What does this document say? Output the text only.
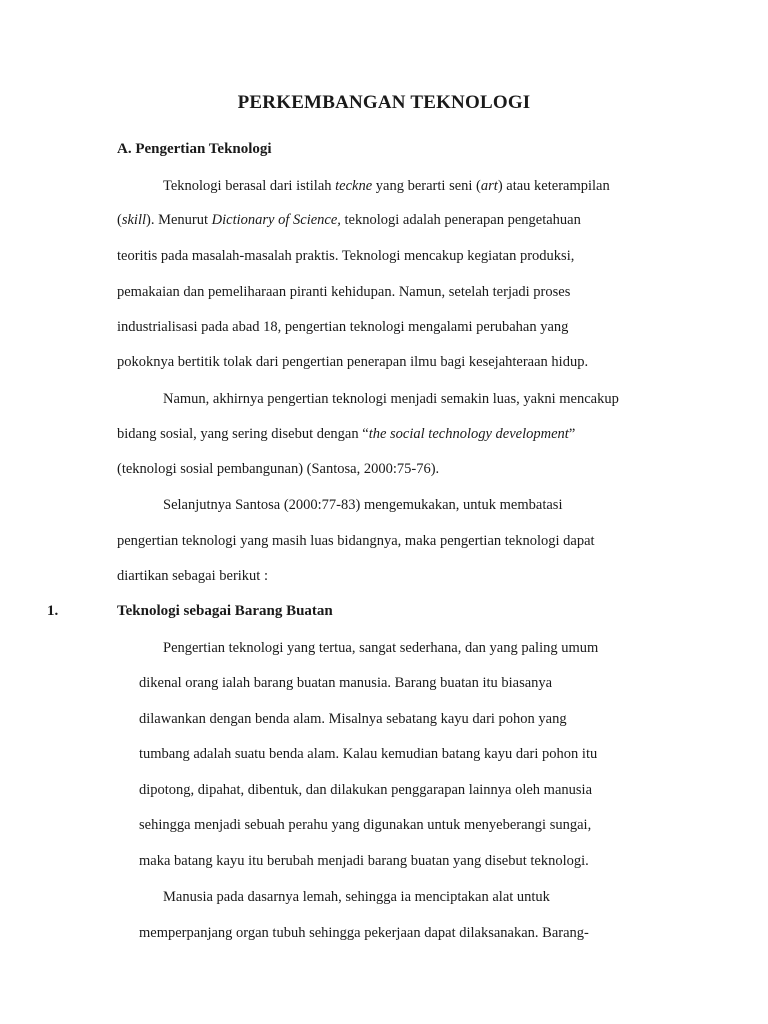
PERKEMBANGAN TEKNOLOGI
A. Pengertian Teknologi
Teknologi berasal dari istilah teckne yang berarti seni (art) atau keterampilan
(skill). Menurut Dictionary of Science, teknologi adalah penerapan pengetahuan
teoritis pada masalah-masalah praktis. Teknologi mencakup kegiatan produksi,
pemakaian dan pemeliharaan piranti kehidupan. Namun, setelah terjadi proses
industrialisasi pada abad 18, pengertian teknologi mengalami perubahan yang
pokoknya bertitik tolak dari pengertian penerapan ilmu bagi kesejahteraan hidup.
Namun, akhirnya pengertian teknologi menjadi semakin luas, yakni mencakup
bidang sosial, yang sering disebut dengan “the social technology development”
(teknologi sosial pembangunan) (Santosa, 2000:75-76).
Selanjutnya Santosa (2000:77-83) mengemukakan, untuk membatasi
pengertian teknologi yang masih luas bidangnya, maka pengertian teknologi dapat
diartikan sebagai berikut :
1.	Teknologi sebagai Barang Buatan
Pengertian teknologi yang tertua, sangat sederhana, dan yang paling umum
dikenal orang ialah barang buatan manusia. Barang buatan itu biasanya
dilawankan dengan benda alam. Misalnya sebatang kayu dari pohon yang
tumbang adalah suatu benda alam. Kalau kemudian batang kayu dari pohon itu
dipotong, dipahat, dibentuk, dan dilakukan penggarapan lainnya oleh manusia
sehingga menjadi sebuah perahu yang digunakan untuk menyeberangi sungai,
maka batang kayu itu berubah menjadi barang buatan yang disebut teknologi.
Manusia pada dasarnya lemah, sehingga ia menciptakan alat untuk
memperpanjang organ tubuh sehingga pekerjaan dapat dilaksanakan. Barang-
